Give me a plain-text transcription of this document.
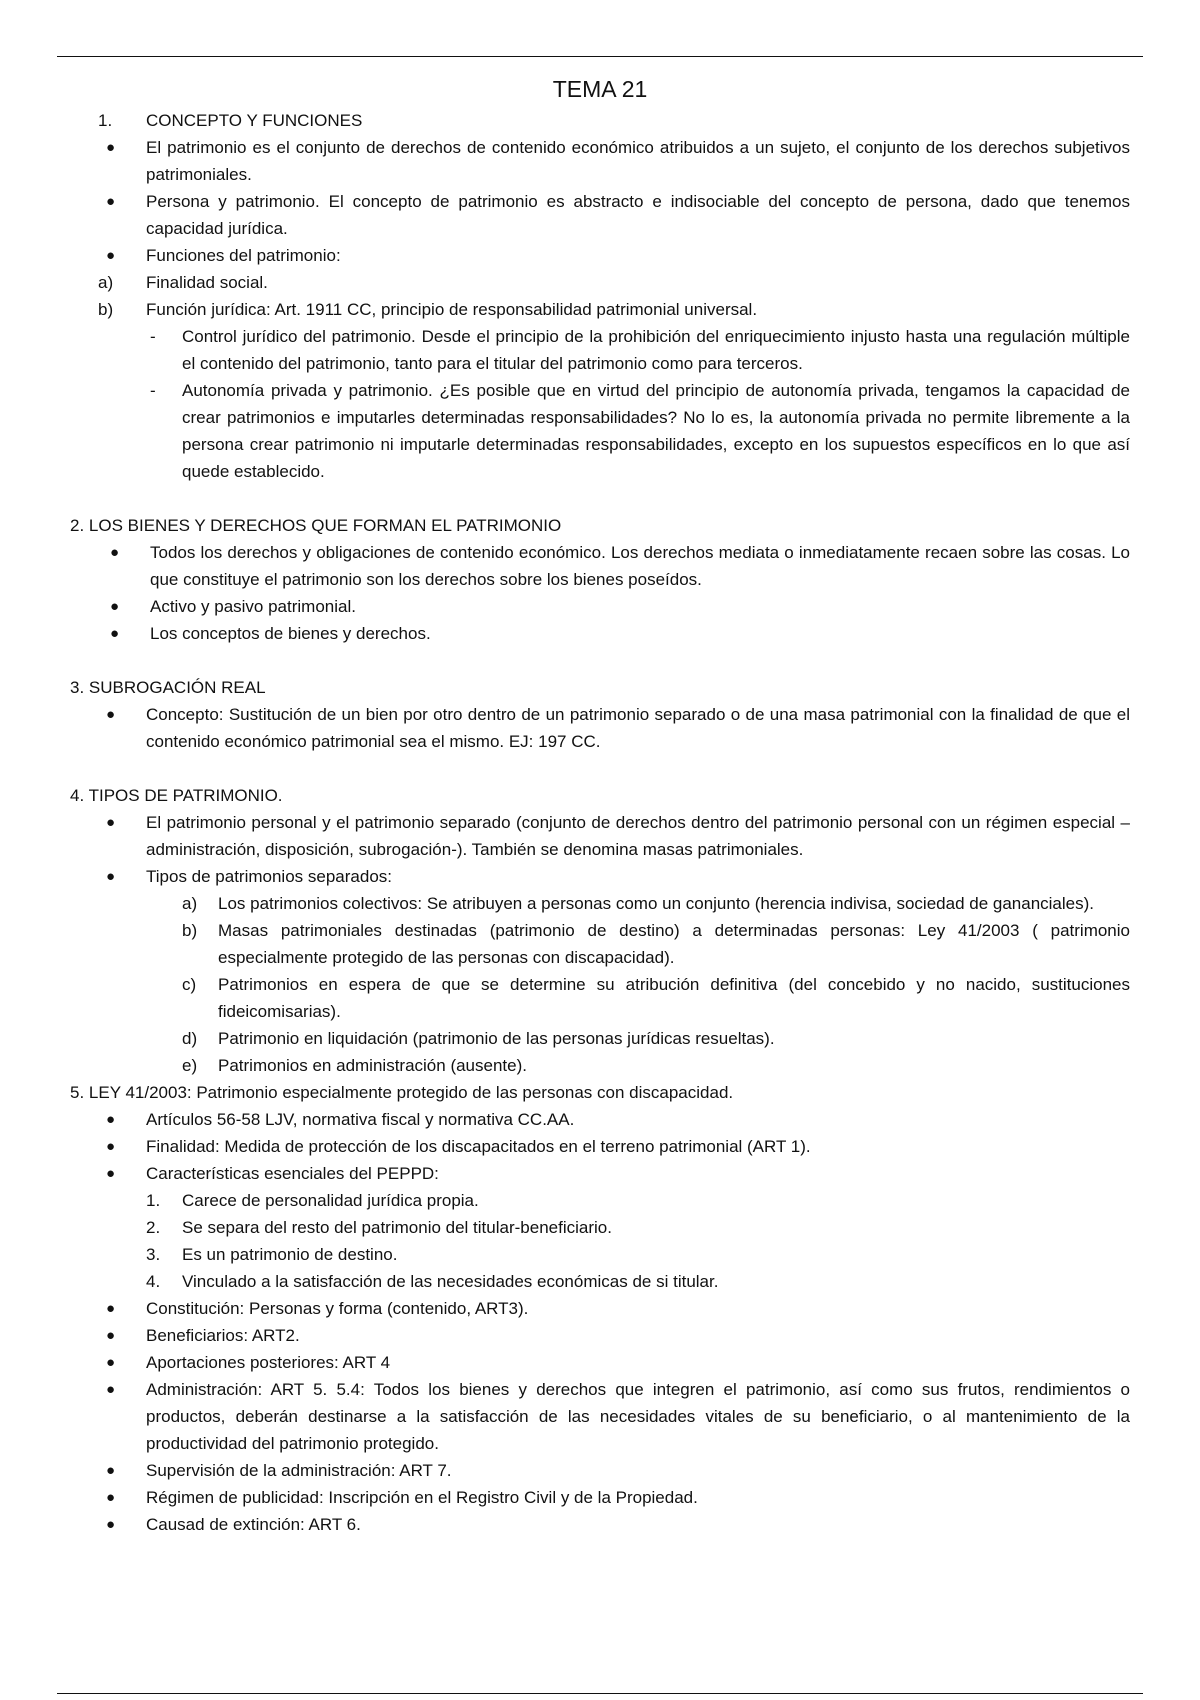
TEMA 21
1. CONCEPTO Y FUNCIONES
● El patrimonio es el conjunto de derechos de contenido económico atribuidos a un sujeto, el conjunto de los derechos subjetivos patrimoniales.
● Persona y patrimonio. El concepto de patrimonio es abstracto e indisociable del concepto de persona, dado que tenemos capacidad jurídica.
● Funciones del patrimonio:
a) Finalidad social.
b) Función jurídica: Art. 1911 CC, principio de responsabilidad patrimonial universal.
- Control jurídico del patrimonio. Desde el principio de la prohibición del enriquecimiento injusto hasta una regulación múltiple el contenido del patrimonio, tanto para el titular del patrimonio como para terceros.
- Autonomía privada y patrimonio. ¿Es posible que en virtud del principio de autonomía privada, tengamos la capacidad de crear patrimonios e imputarles determinadas responsabilidades? No lo es, la autonomía privada no permite libremente a la persona crear patrimonio ni imputarle determinadas responsabilidades, excepto en los supuestos específicos en lo que así quede establecido.
2. LOS BIENES Y DERECHOS QUE FORMAN EL PATRIMONIO
● Todos los derechos y obligaciones de contenido económico. Los derechos mediata o inmediatamente recaen sobre las cosas. Lo que constituye el patrimonio son los derechos sobre los bienes poseídos.
● Activo y pasivo patrimonial.
● Los conceptos de bienes y derechos.
3. SUBROGACIÓN REAL
● Concepto: Sustitución de un bien por otro dentro de un patrimonio separado o de una masa patrimonial con la finalidad de que el contenido económico patrimonial sea el mismo. EJ: 197 CC.
4. TIPOS DE PATRIMONIO.
● El patrimonio personal y el patrimonio separado (conjunto de derechos dentro del patrimonio personal con un régimen especial – administración, disposición, subrogación-). También se denomina masas patrimoniales.
● Tipos de patrimonios separados:
a) Los patrimonios colectivos: Se atribuyen a personas como un conjunto (herencia indivisa, sociedad de gananciales).
b) Masas patrimoniales destinadas (patrimonio de destino) a determinadas personas: Ley 41/2003 ( patrimonio especialmente protegido de las personas con discapacidad).
c) Patrimonios en espera de que se determine su atribución definitiva (del concebido y no nacido, sustituciones fideicomisarias).
d) Patrimonio en liquidación (patrimonio de las personas jurídicas resueltas).
e) Patrimonios en administración (ausente).
5. LEY 41/2003: Patrimonio especialmente protegido de las personas con discapacidad.
● Artículos 56-58 LJV, normativa fiscal y normativa CC.AA.
● Finalidad: Medida de protección de los discapacitados en el terreno patrimonial (ART 1).
● Características esenciales del PEPPD:
1. Carece de personalidad jurídica propia.
2. Se separa del resto del patrimonio del titular-beneficiario.
3. Es un patrimonio de destino.
4. Vinculado a la satisfacción de las necesidades económicas de si titular.
● Constitución: Personas y forma (contenido, ART3).
● Beneficiarios: ART2.
● Aportaciones posteriores: ART 4
● Administración: ART 5. 5.4: Todos los bienes y derechos que integren el patrimonio, así como sus frutos, rendimientos o productos, deberán destinarse a la satisfacción de las necesidades vitales de su beneficiario, o al mantenimiento de la productividad del patrimonio protegido.
● Supervisión de la administración: ART 7.
● Régimen de publicidad: Inscripción en el Registro Civil y de la Propiedad.
● Causad de extinción: ART 6.
